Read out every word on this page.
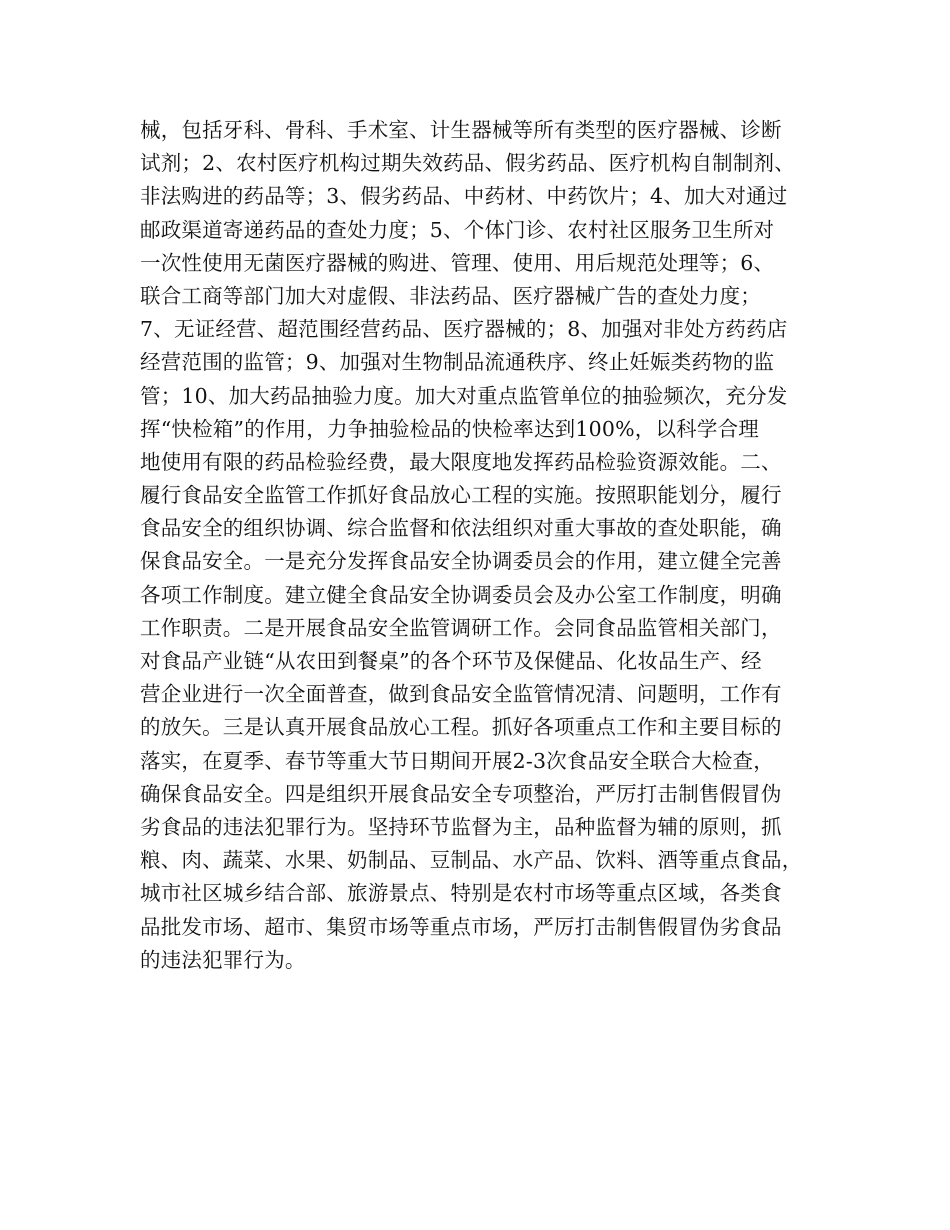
械，包括牙科、骨科、手术室、计生器械等所有类型的医疗器械、诊断
试剂；2、农村医疗机构过期失效药品、假劣药品、医疗机构自制制剂、
非法购进的药品等；3、假劣药品、中药材、中药饮片；4、加大对通过
邮政渠道寄递药品的查处力度；5、个体门诊、农村社区服务卫生所对
一次性使用无菌医疗器械的购进、管理、使用、用后规范处理等；6、
联合工商等部门加大对虚假、非法药品、医疗器械广告的查处力度；
7、无证经营、超范围经营药品、医疗器械的；8、加强对非处方药药店
经营范围的监管；9、加强对生物制品流通秩序、终止妊娠类药物的监
管；10、加大药品抽验力度。加大对重点监管单位的抽验频次，充分发
挥“快检箱”的作用，力争抽验检品的快检率达到100%，以科学合理
地使用有限的药品检验经费，最大限度地发挥药品检验资源效能。二、
履行食品安全监管工作抓好食品放心工程的实施。按照职能划分，履行
食品安全的组织协调、综合监督和依法组织对重大事故的查处职能，确
保食品安全。一是充分发挥食品安全协调委员会的作用，建立健全完善
各项工作制度。建立健全食品安全协调委员会及办公室工作制度，明确
工作职责。二是开展食品安全监管调研工作。会同食品监管相关部门，
对食品产业链“从农田到餐桌”的各个环节及保健品、化妆品生产、经
营企业进行一次全面普查，做到食品安全监管情况清、问题明，工作有
的放矢。三是认真开展食品放心工程。抓好各项重点工作和主要目标的
落实，在夏季、春节等重大节日期间开展2-3次食品安全联合大检查，
确保食品安全。四是组织开展食品安全专项整治，严厉打击制售假冒伪
劣食品的违法犯罪行为。坚持环节监督为主，品种监督为辅的原则，抓
粮、肉、蔬菜、水果、奶制品、豆制品、水产品、饮料、酒等重点食品，
城市社区城乡结合部、旅游景点、特别是农村市场等重点区域，各类食
品批发市场、超市、集贸市场等重点市场，严厉打击制售假冒伪劣食品
的违法犯罪行为。
